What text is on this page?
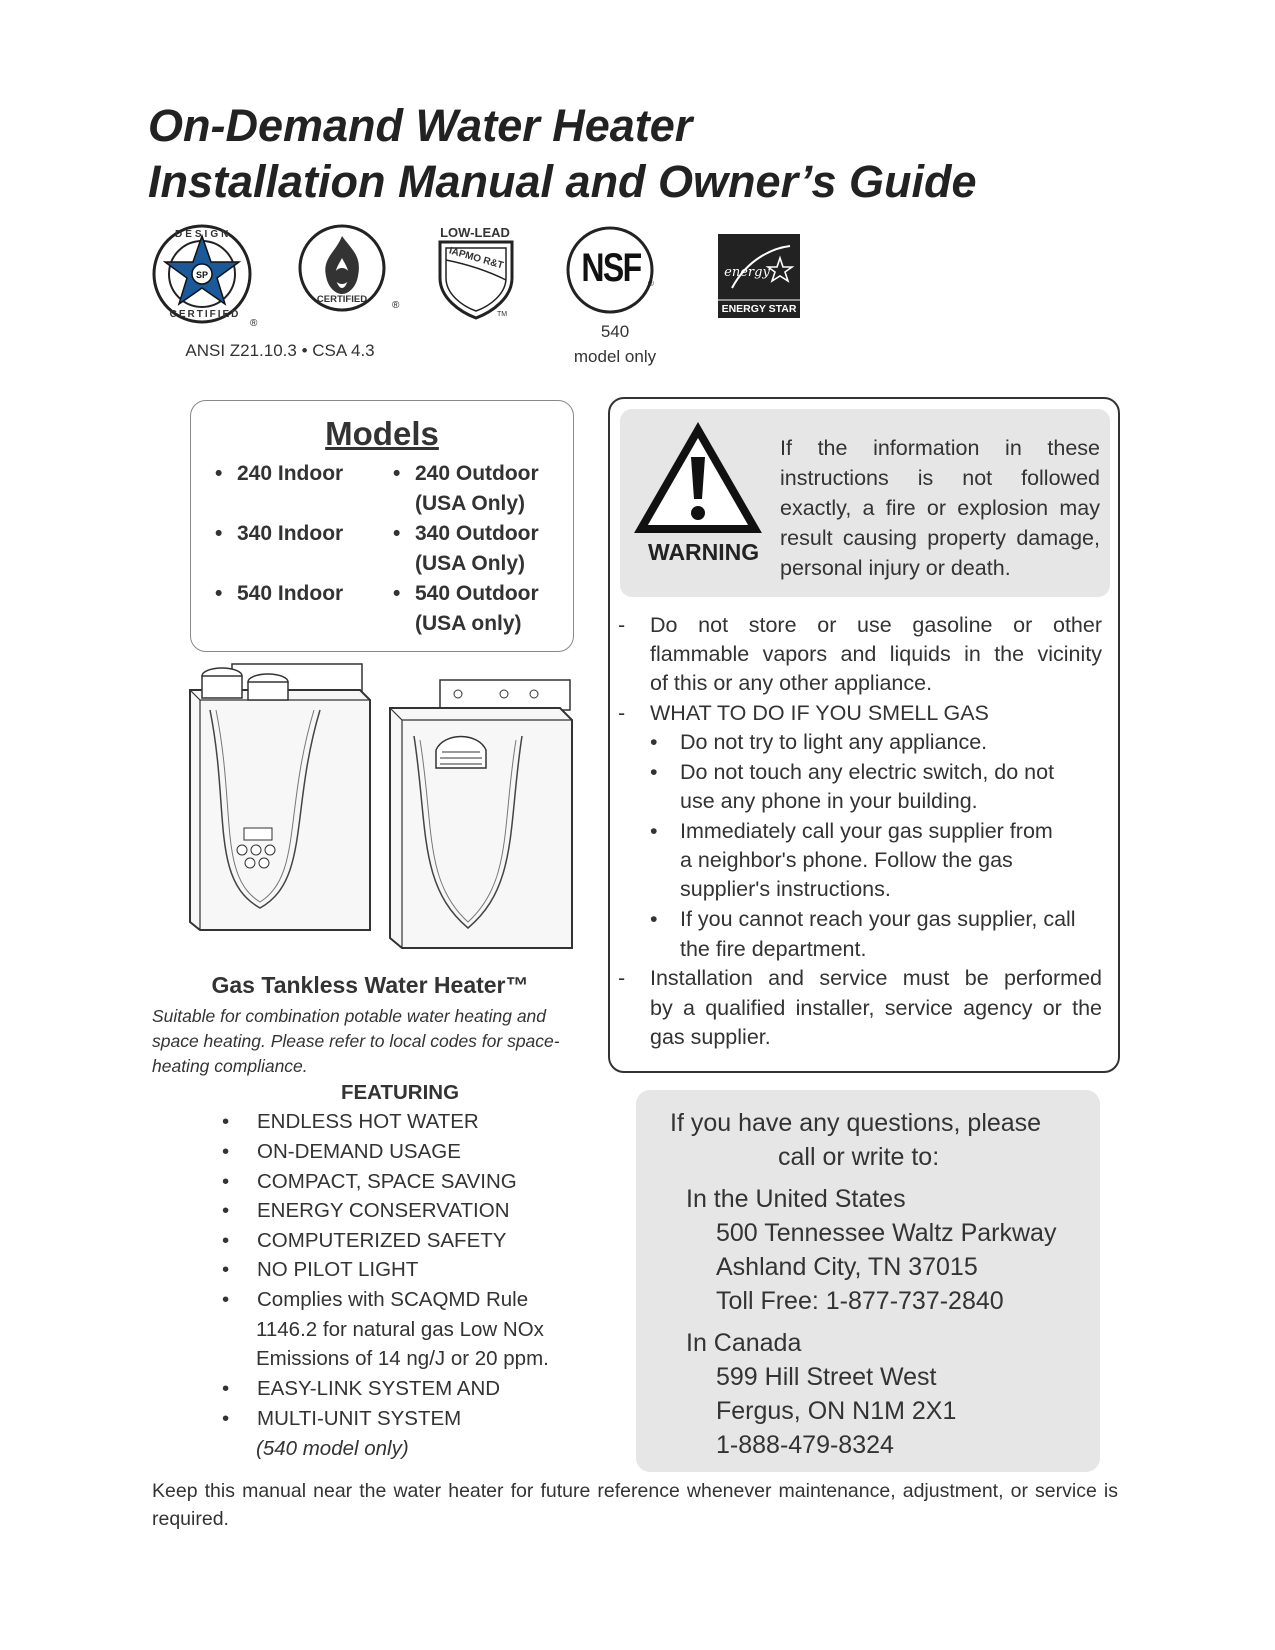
On-Demand Water Heater
Installation Manual and Owner’s Guide
SP
®
DESIGN
CERTIFIED
®
CERTIFIED
LOW-LEAD
IAPMO R&T
TM
®
NSF	energy
ENERGY STAR
ANSI Z21.10.3 • CSA 4.3
540
model only
Models
• 240 Indoor
• 340 Indoor
• 540 Indoor
• 240 Outdoor
(USA Only)
• 340 Outdoor
(USA Only)
• 540 Outdoor
(USA only)
Gas Tankless Water Heater™
Suitable for combination potable water heating and space heating. Please refer to local codes for space-heating compliance.
FEATURING
• ENDLESS HOT WATER
• ON-DEMAND USAGE
• COMPACT, SPACE SAVING
• ENERGY CONSERVATION
• COMPUTERIZED SAFETY
• NO PILOT LIGHT
• Complies with SCAQMD Rule
1146.2 for natural gas Low NOx
Emissions of 14 ng/J or 20 ppm.
• EASY-LINK SYSTEM AND
• MULTI-UNIT SYSTEM
(540 model only)
WARNING
If the information in these
instructions is not followed
exactly, a fire or explosion may
result causing property damage,
personal injury or death.
- Do not store or use gasoline or other
flammable vapors and liquids in the vicinity
of this or any other appliance.
- WHAT TO DO IF YOU SMELL GAS
• Do not try to light any appliance.
• Do not touch any electric switch, do not
use any phone in your building.
• Immediately call your gas supplier from
a neighbor's phone. Follow the gas
supplier's instructions.
• If you cannot reach your gas supplier, call
the fire department.
- Installation and service must be performed
by a qualified installer, service agency or the
gas supplier.
If you have any questions, please
call or write to:
In the United States
500 Tennessee Waltz Parkway
Ashland City, TN 37015
Toll Free: 1-877-737-2840
In Canada
599 Hill Street West
Fergus, ON N1M 2X1
1-888-479-8324
Keep this manual near the water heater for future reference whenever maintenance, adjustment, or service is required.
